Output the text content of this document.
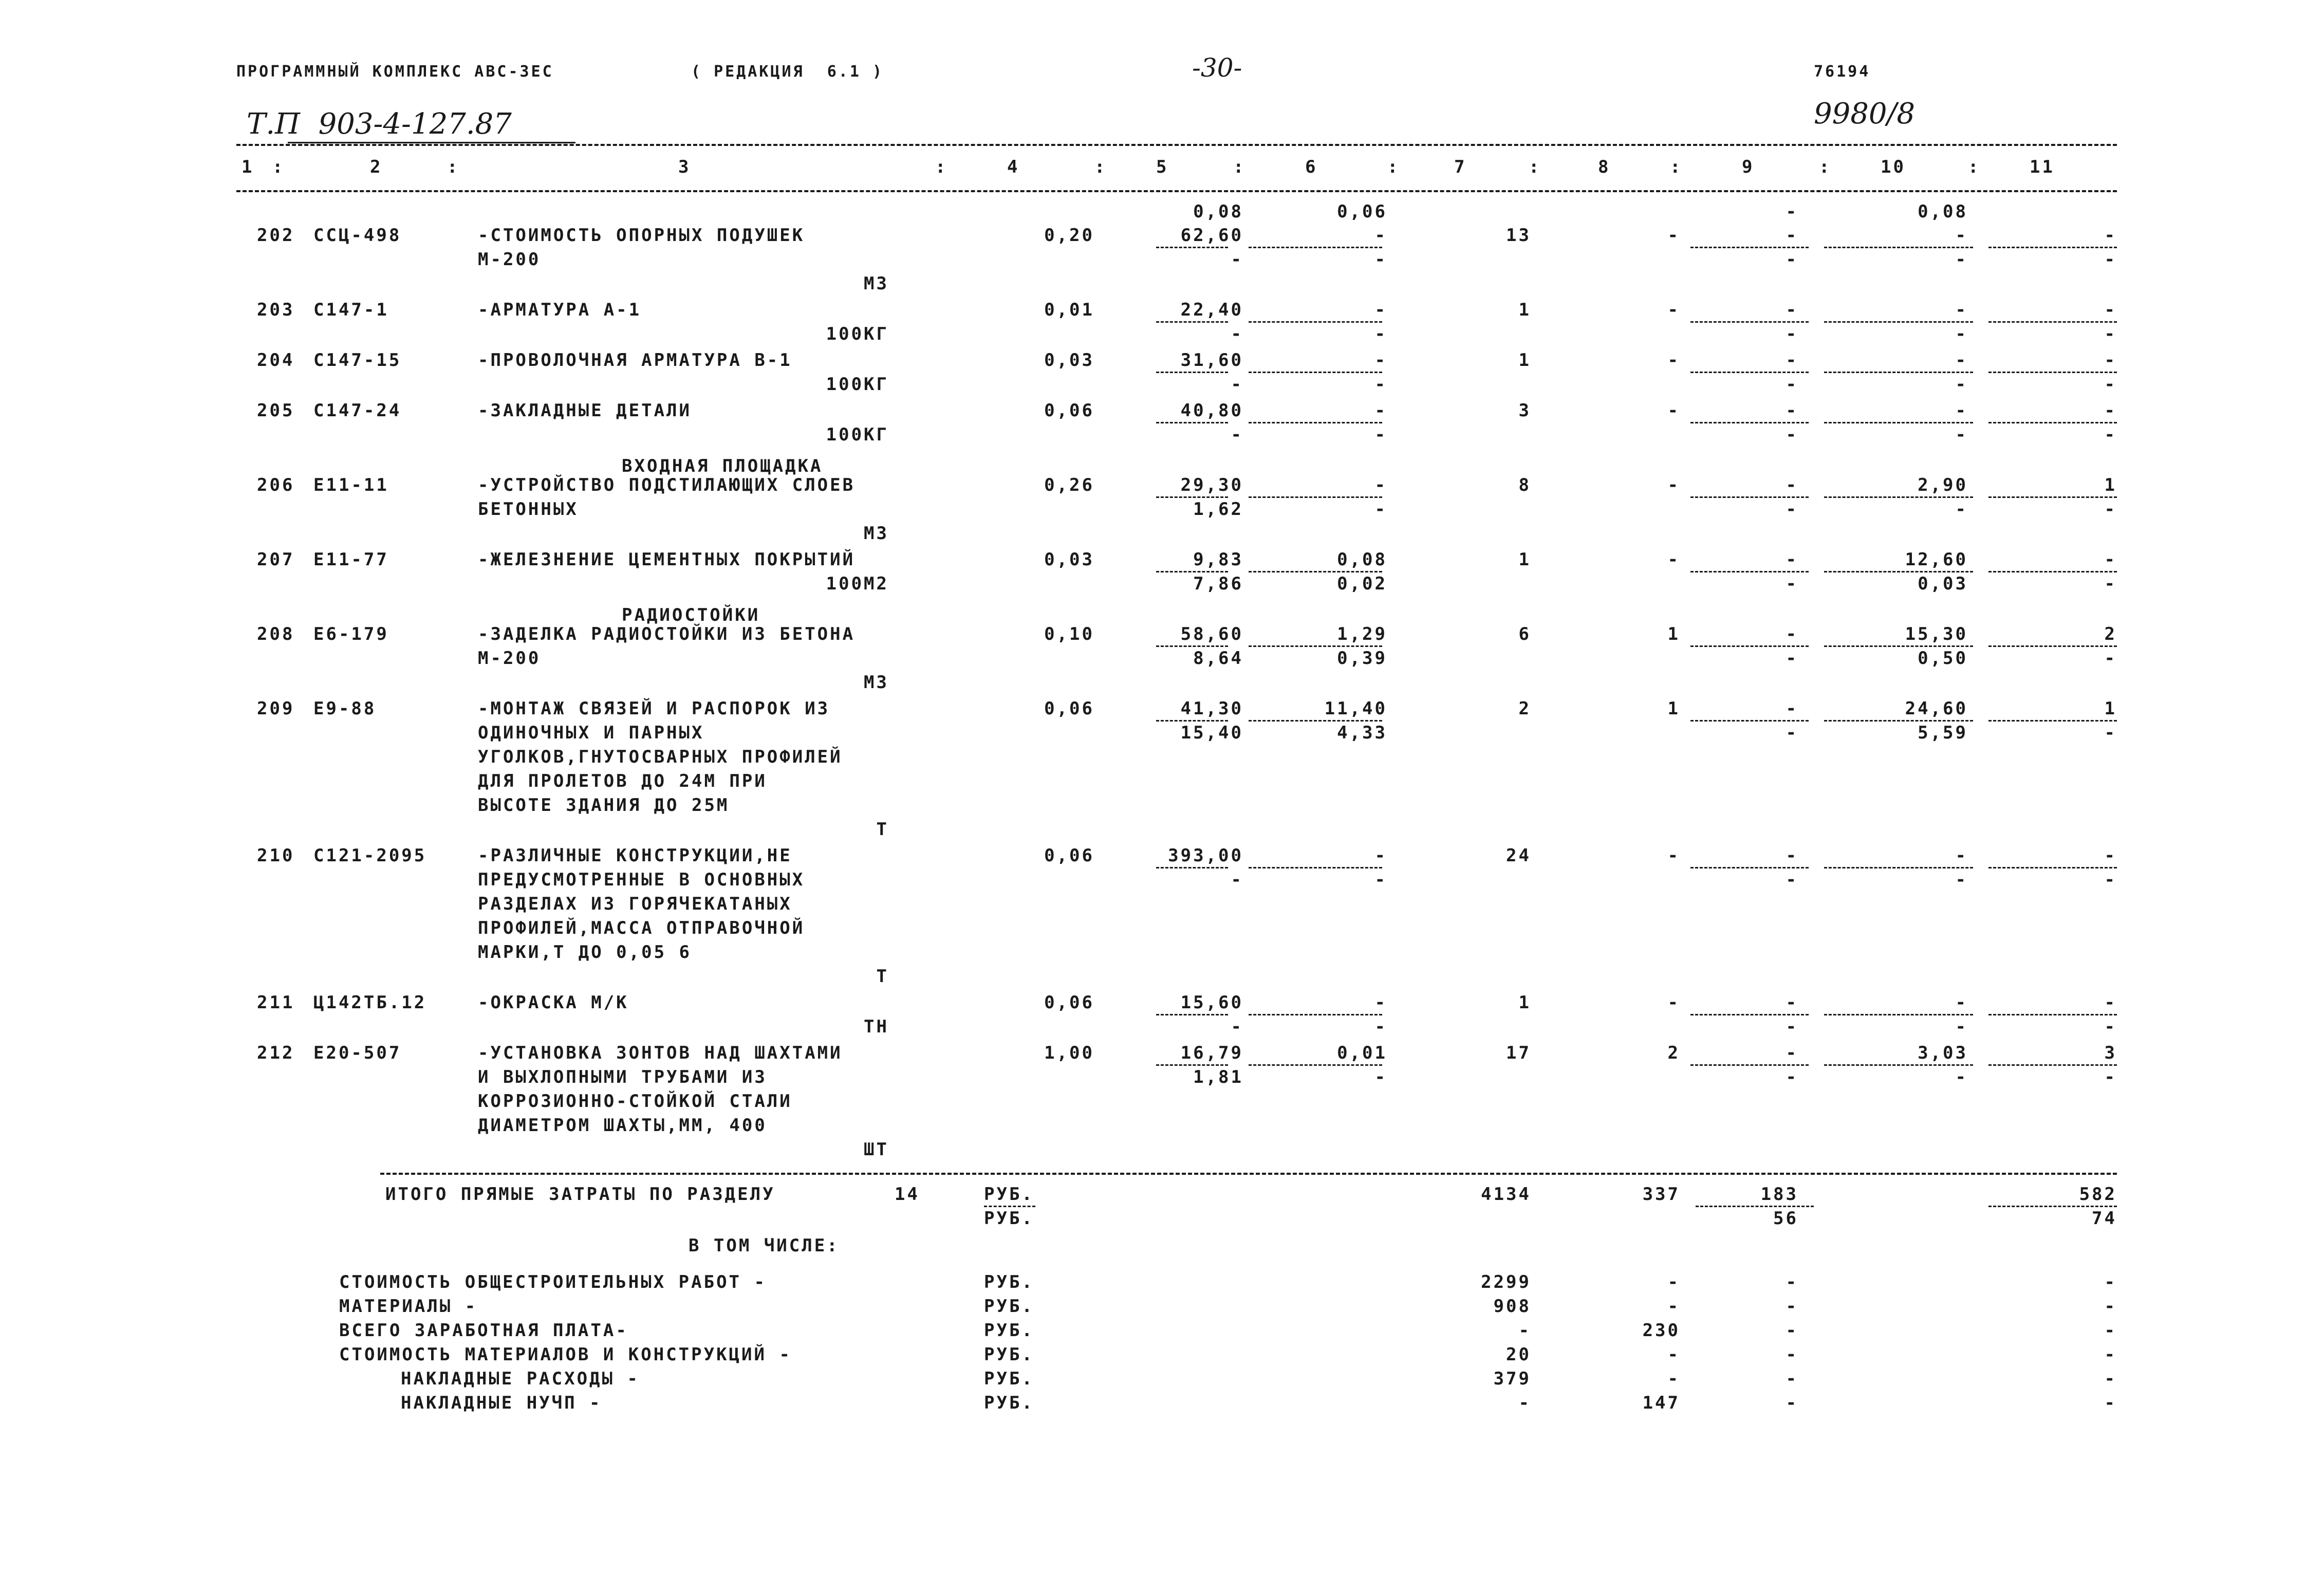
ПРОГРАММНЫЙ КОМПЛЕКС АВС-3ЕС	( РЕДАКЦИЯ  6.1 )	-30-	76194
Т.П  903-4-127.87	9980/8
1 :	2	:	3	:	4	:	5	:	6	:	7	:	8	:	9	:	10	:	11
0,08	0,06	-	0,08
202 ССЦ-498	-СТОИМОСТЬ ОПОРНЫХ ПОДУШЕК
М-200
0,20	62,60	-	13	-	-	-	-
-	-	-	-	-
М3
203 С147-1	-АРМАТУРА А-1	0,01	22,40	-	1	-	-	-	-
-	-	-	-	-
100КГ
204 С147-15	-ПРОВОЛОЧНАЯ АРМАТУРА В-1	0,03	31,60	-	1	-	-	-	-
-	-	-	-	-
100КГ
205 С147-24	-ЗАКЛАДНЫЕ ДЕТАЛИ	0,06	40,80	-	3	-	-	-	-
-	-	-	-	-
100КГ
ВХОДНАЯ ПЛОЩАДКА
206 Е11-11	-УСТРОЙСТВО ПОДСТИЛАЮЩИХ СЛОЕВ
БЕТОННЫХ
0,26	29,30	-	8	-	-	2,90	1
1,62	-	-	-	-
М3
207 Е11-77	-ЖЕЛЕЗНЕНИЕ ЦЕМЕНТНЫХ ПОКРЫТИЙ	0,03	9,83	0,08	1	-	-	12,60	-
7,86	0,02	-	0,03	-
100М2
РАДИОСТОЙКИ
208 Е6-179	-ЗАДЕЛКА РАДИОСТОЙКИ ИЗ БЕТОНА
М-200
0,10	58,60	1,29	6	1	-	15,30	2
8,64	0,39	-	0,50	-
М3
209 Е9-88	-МОНТАЖ СВЯЗЕЙ И РАСПОРОК ИЗ
ОДИНОЧНЫХ И ПАРНЫХ
УГОЛКОВ,ГНУТОСВАРНЫХ ПРОФИЛЕЙ
ДЛЯ ПРОЛЕТОВ ДО 24М ПРИ
ВЫСОТЕ ЗДАНИЯ ДО 25М
0,06	41,30	11,40	2	1	-	24,60	1
15,40	4,33	-	5,59	-
Т
210 С121-2095	-РАЗЛИЧНЫЕ КОНСТРУКЦИИ,НЕ
ПРЕДУСМОТРЕННЫЕ В ОСНОВНЫХ
РАЗДЕЛАХ ИЗ ГОРЯЧЕКАТАНЫХ
ПРОФИЛЕЙ,МАССА ОТПРАВОЧНОЙ
МАРКИ,Т ДО 0,05 6
0,06	393,00	-	24	-	-	-	-
-	-	-	-	-
Т
211 Ц142ТБ.12	-ОКРАСКА М/К	0,06	15,60	-	1	-	-	-	-
-	-	-	-	-
ТН
212 Е20-507	-УСТАНОВКА ЗОНТОВ НАД ШАХТАМИ
И ВЫХЛОПНЫМИ ТРУБАМИ ИЗ
КОРРОЗИОННО-СТОЙКОЙ СТАЛИ
ДИАМЕТРОМ ШАХТЫ,ММ, 400
1,00	16,79	0,01	17	2	-	3,03	3
1,81	-	-	-	-
ШТ
ИТОГО ПРЯМЫЕ ЗАТРАТЫ ПО РАЗДЕЛУ	14	РУБ.	4134	337	183	582
РУБ.	56	74
В ТОМ ЧИСЛЕ:
СТОИМОСТЬ ОБЩЕСТРОИТЕЛЬНЫХ РАБОТ -	РУБ.	2299	-	-	-
МАТЕРИАЛЫ -	РУБ.	908	-	-	-
ВСЕГО ЗАРАБОТНАЯ ПЛАТА-	РУБ.	-	230	-	-
СТОИМОСТЬ МАТЕРИАЛОВ И КОНСТРУКЦИЙ -	РУБ.	20	-	-	-
НАКЛАДНЫЕ РАСХОДЫ -	РУБ.	379	-	-	-
НАКЛАДНЫЕ НУЧП -	РУБ.	-	147	-	-
